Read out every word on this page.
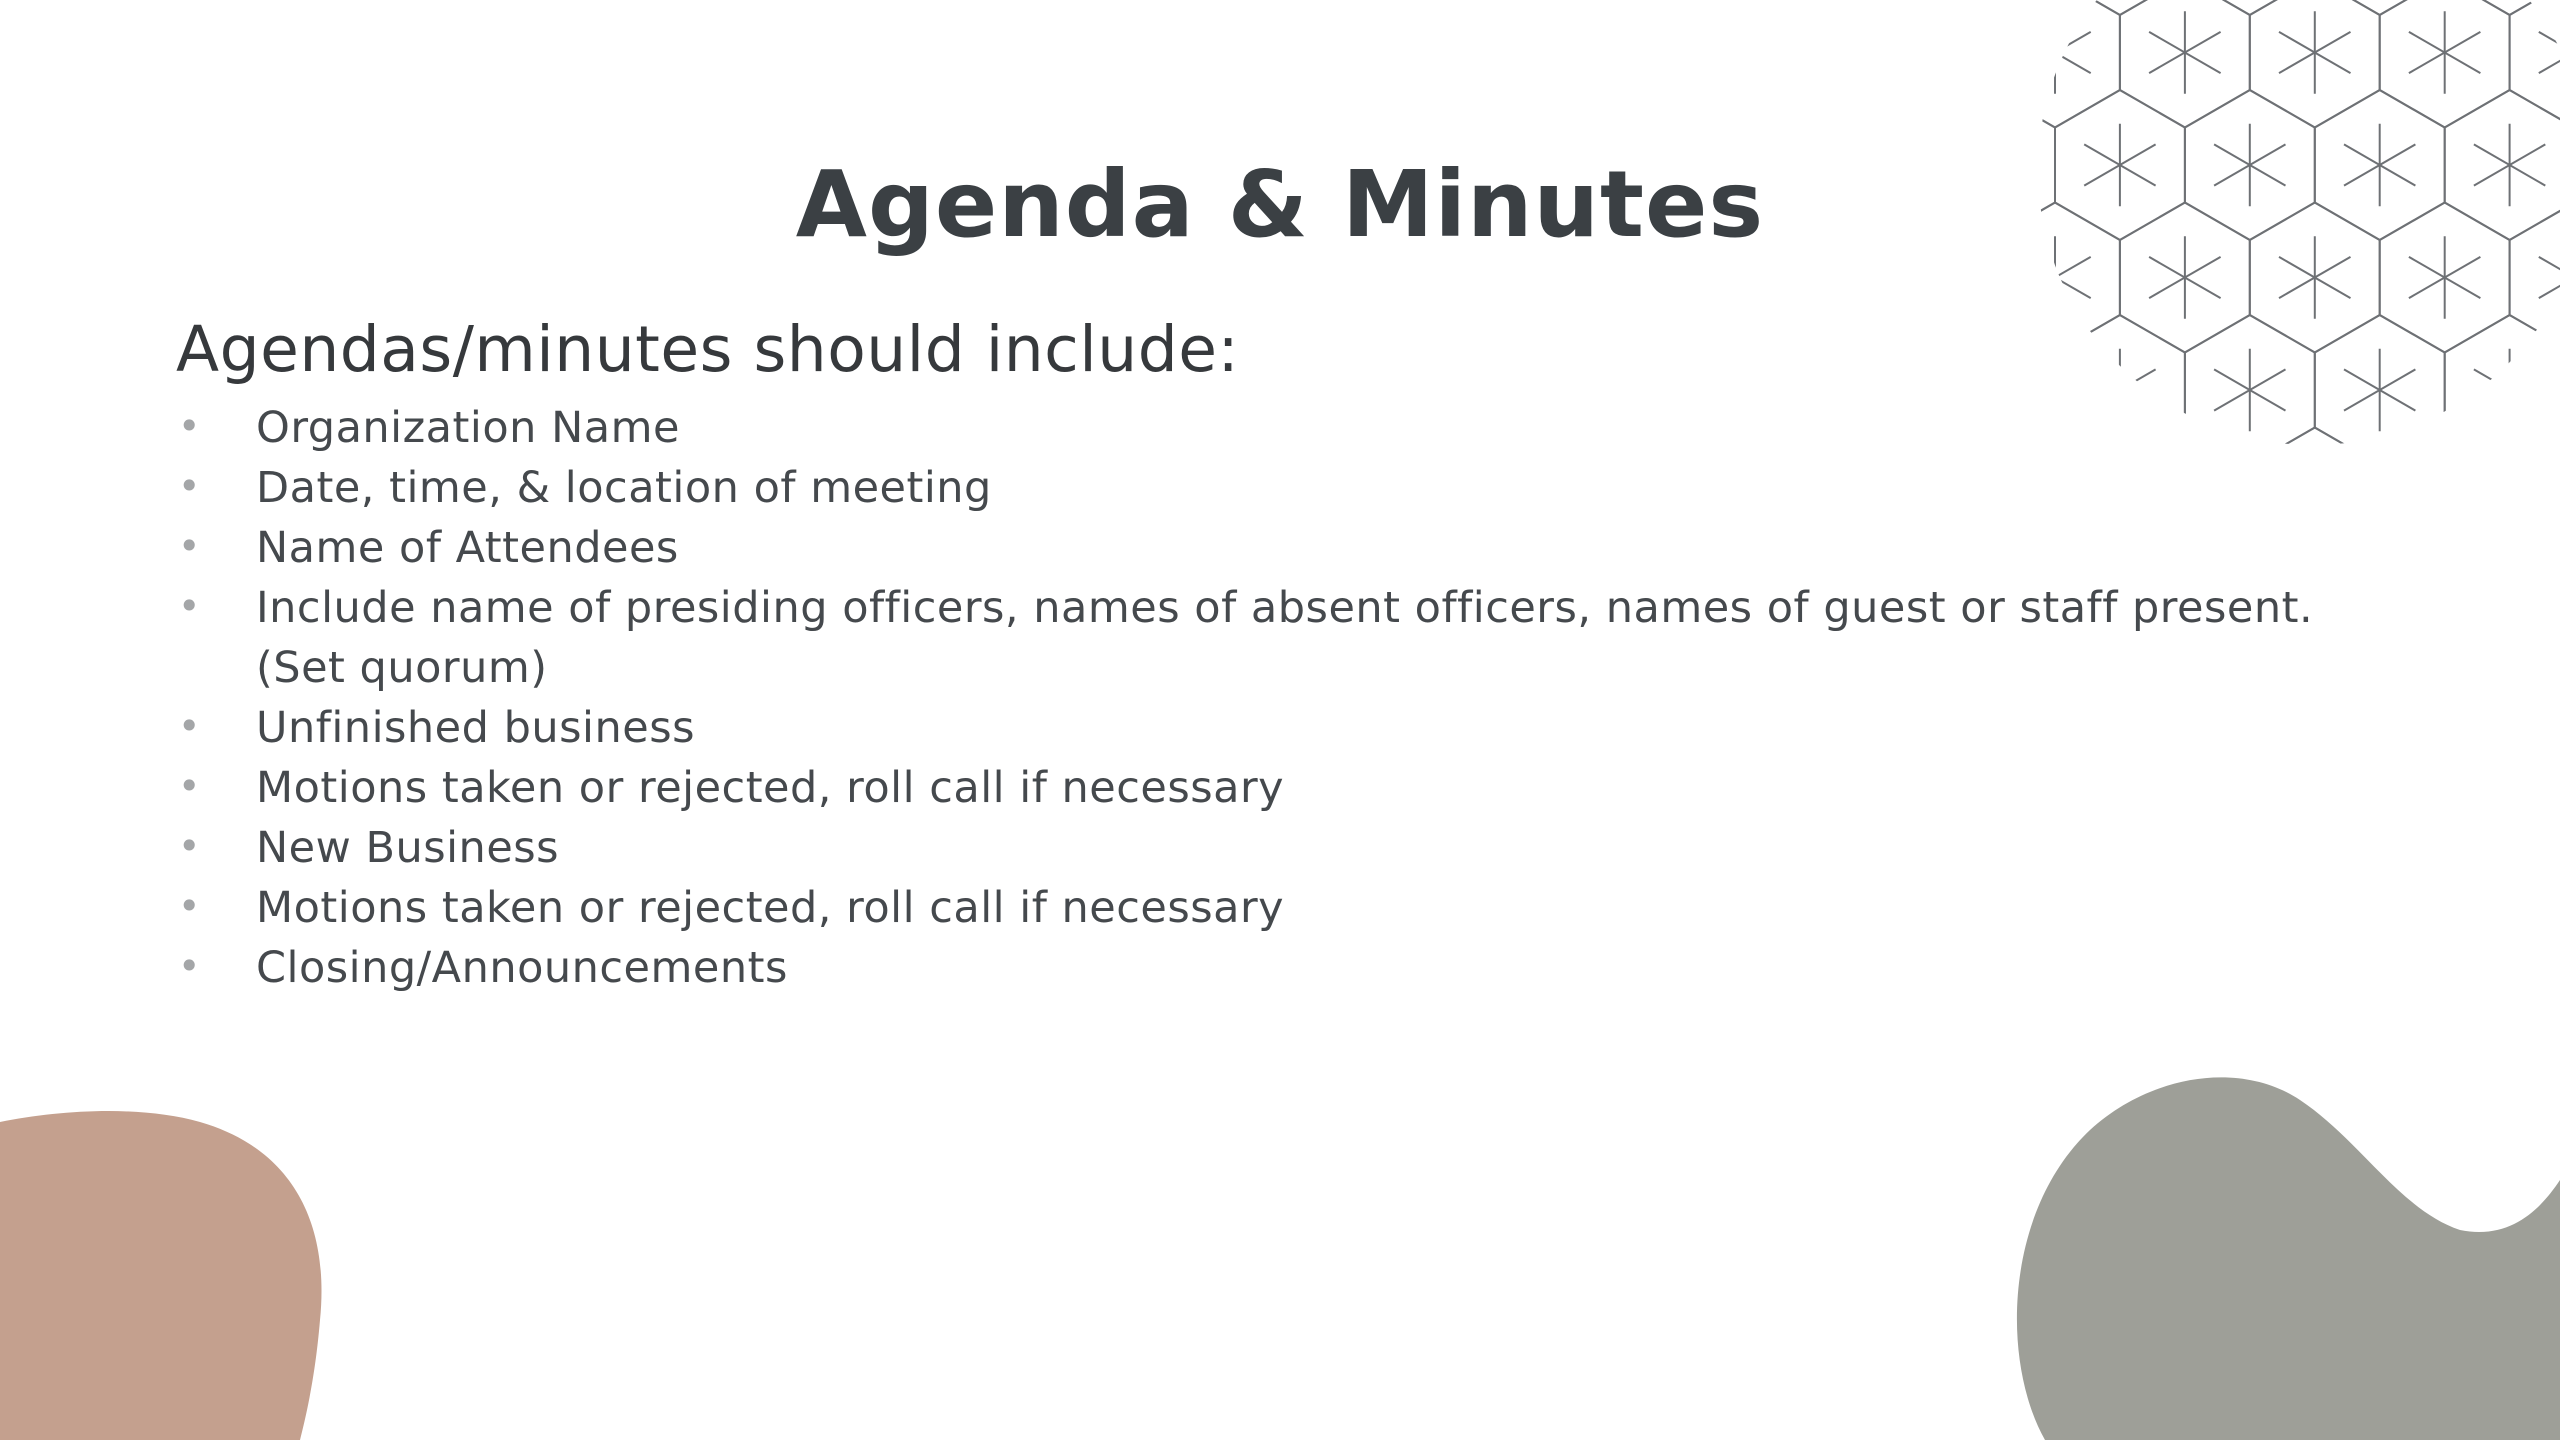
Agenda & Minutes
Agendas/minutes should include:
• Organization Name
• Date, time, & location of meeting
• Name of Attendees
• Include name of presiding officers, names of absent officers, names of guest or staff present. (Set quorum)
• Unfinished business
• Motions taken or rejected, roll call if necessary
• New Business
• Motions taken or rejected, roll call if necessary
• Closing/Announcements
